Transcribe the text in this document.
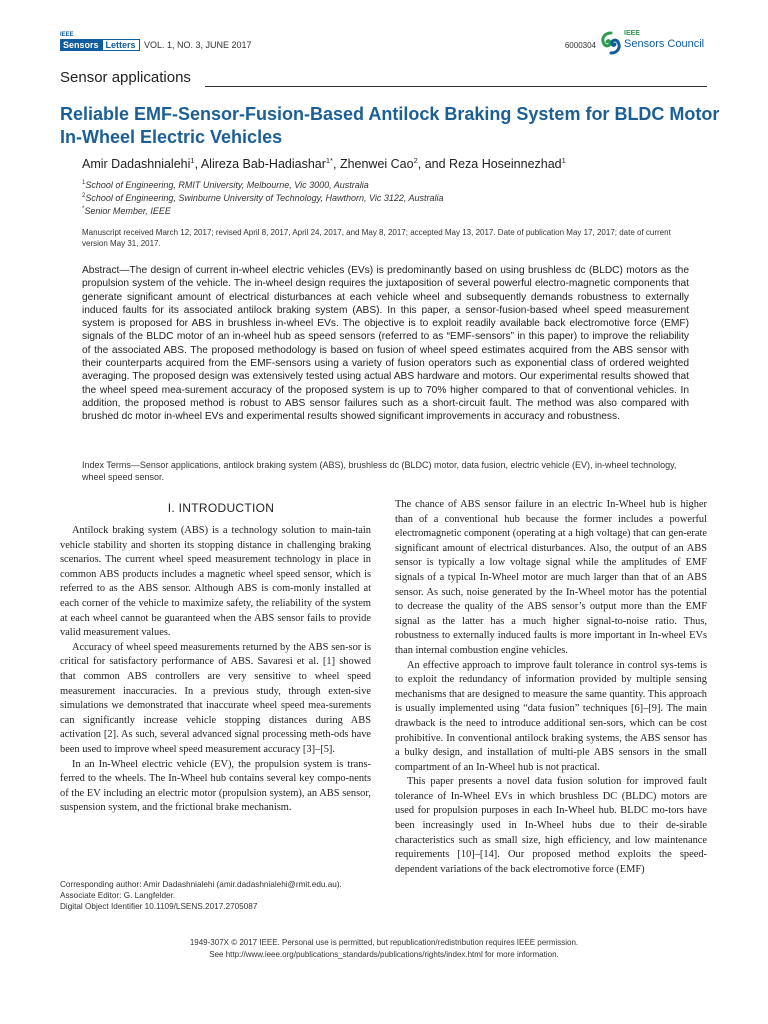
IEEE
Sensors Letters VOL. 1, NO. 3, JUNE 2017	6000304
IEEE
Sensors Council
Sensor applications
Reliable EMF-Sensor-Fusion-Based Antilock Braking System for BLDC Motor In-Wheel Electric Vehicles
Amir Dadashnialehi$^1$, Alireza Bab-Hadiashar$^{1*}$, Zhenwei Cao$^2$, and Reza Hoseinnezhad$^1$
$^1$School of Engineering, RMIT University, Melbourne, Vic 3000, Australia
$^2$School of Engineering, Swinburne University of Technology, Hawthorn, Vic 3122, Australia
*Senior Member, IEEE
Manuscript received March 12, 2017; revised April 8, 2017, April 24, 2017, and May 8, 2017; accepted May 13, 2017. Date of publication May 17, 2017; date of current version May 31, 2017.
Abstract—The design of current in-wheel electric vehicles (EVs) is predominantly based on using brushless dc (BLDC) motors as the propulsion system of the vehicle. The in-wheel design requires the juxtaposition of several powerful electro-magnetic components that generate significant amount of electrical disturbances at each vehicle wheel and subsequently demands robustness to externally induced faults for its associated antilock braking system (ABS). In this paper, a sensor-fusion-based wheel speed measurement system is proposed for ABS in brushless in-wheel EVs. The objective is to exploit readily available back electromotive force (EMF) signals of the BLDC motor of an in-wheel hub as speed sensors (referred to as “EMF-sensors” in this paper) to improve the reliability of the associated ABS. The proposed methodology is based on fusion of wheel speed estimates acquired from the ABS sensor with their counterparts acquired from the EMF-sensors using a variety of fusion operators such as exponential class of ordered weighted averaging. The proposed design was extensively tested using actual ABS hardware and motors. Our experimental results showed that the wheel speed mea-surement accuracy of the proposed system is up to 70% higher compared to that of conventional vehicles. In addition, the proposed method is robust to ABS sensor failures such as a short-circuit fault. The method was also compared with brushed dc motor in-wheel EVs and experimental results showed significant improvements in accuracy and robustness.
Index Terms—Sensor applications, antilock braking system (ABS), brushless dc (BLDC) motor, data fusion, electric vehicle (EV), in-wheel technology, wheel speed sensor.
I. INTRODUCTION

Antilock braking system (ABS) is a technology solution to main-tain vehicle stability and shorten its stopping distance in challenging braking scenarios. The current wheel speed measurement technology in place in common ABS products includes a magnetic wheel speed sensor, which is referred to as the ABS sensor. Although ABS is com-monly installed at each corner of the vehicle to maximize safety, the reliability of the system at each wheel cannot be guaranteed when the ABS sensor fails to provide valid measurement values.

Accuracy of wheel speed measurements returned by the ABS sen-sor is critical for satisfactory performance of ABS. Savaresi et al. [1] showed that common ABS controllers are very sensitive to wheel speed measurement inaccuracies. In a previous study, through exten-sive simulations we demonstrated that inaccurate wheel speed mea-surements can significantly increase vehicle stopping distances during ABS activation [2]. As such, several advanced signal processing meth-ods have been used to improve wheel speed measurement accuracy [3]–[5].

In an In-Wheel electric vehicle (EV), the propulsion system is trans-ferred to the wheels. The In-Wheel hub contains several key compo-nents of the EV including an electric motor (propulsion system), an ABS sensor, suspension system, and the frictional brake mechanism.

The chance of ABS sensor failure in an electric In-Wheel hub is higher than of a conventional hub because the former includes a powerful electromagnetic component (operating at a high voltage) that can gen-erate significant amount of electrical disturbances. Also, the output of an ABS sensor is typically a low voltage signal while the amplitudes of EMF signals of a typical In-Wheel motor are much larger than that of an ABS sensor. As such, noise generated by the In-Wheel motor has the potential to decrease the quality of the ABS sensor’s output more than the EMF signal as the latter has a much higher signal-to-noise ratio. Thus, robustness to externally induced faults is more important in In-wheel EVs than internal combustion engine vehicles.

An effective approach to improve fault tolerance in control sys-tems is to exploit the redundancy of information provided by multiple sensing mechanisms that are designed to measure the same quantity. This approach is usually implemented using “data fusion” techniques [6]–[9]. The main drawback is the need to introduce additional sen-sors, which can be cost prohibitive. In conventional antilock braking systems, the ABS sensor has a bulky design, and installation of multi-ple ABS sensors in the small compartment of an In-Wheel hub is not practical.

This paper presents a novel data fusion solution for improved fault tolerance of In-Wheel EVs in which brushless DC (BLDC) motors are used for propulsion purposes in each In-Wheel hub. BLDC mo-tors have been increasingly used in In-Wheel hubs due to their de-sirable characteristics such as small size, high efficiency, and low maintenance requirements [10]–[14]. Our proposed method exploits the speed-dependent variations of the back electromotive force (EMF)

Corresponding author: Amir Dadashnialehi (amir.dadashnialehi@rmit.edu.au).
Associate Editor: G. Langfelder.
Digital Object Identifier 10.1109/LSENS.2017.2705087
1949-307X © 2017 IEEE. Personal use is permitted, but republication/redistribution requires IEEE permission.
See http://www.ieee.org/publications_standards/publications/rights/index.html for more information.
